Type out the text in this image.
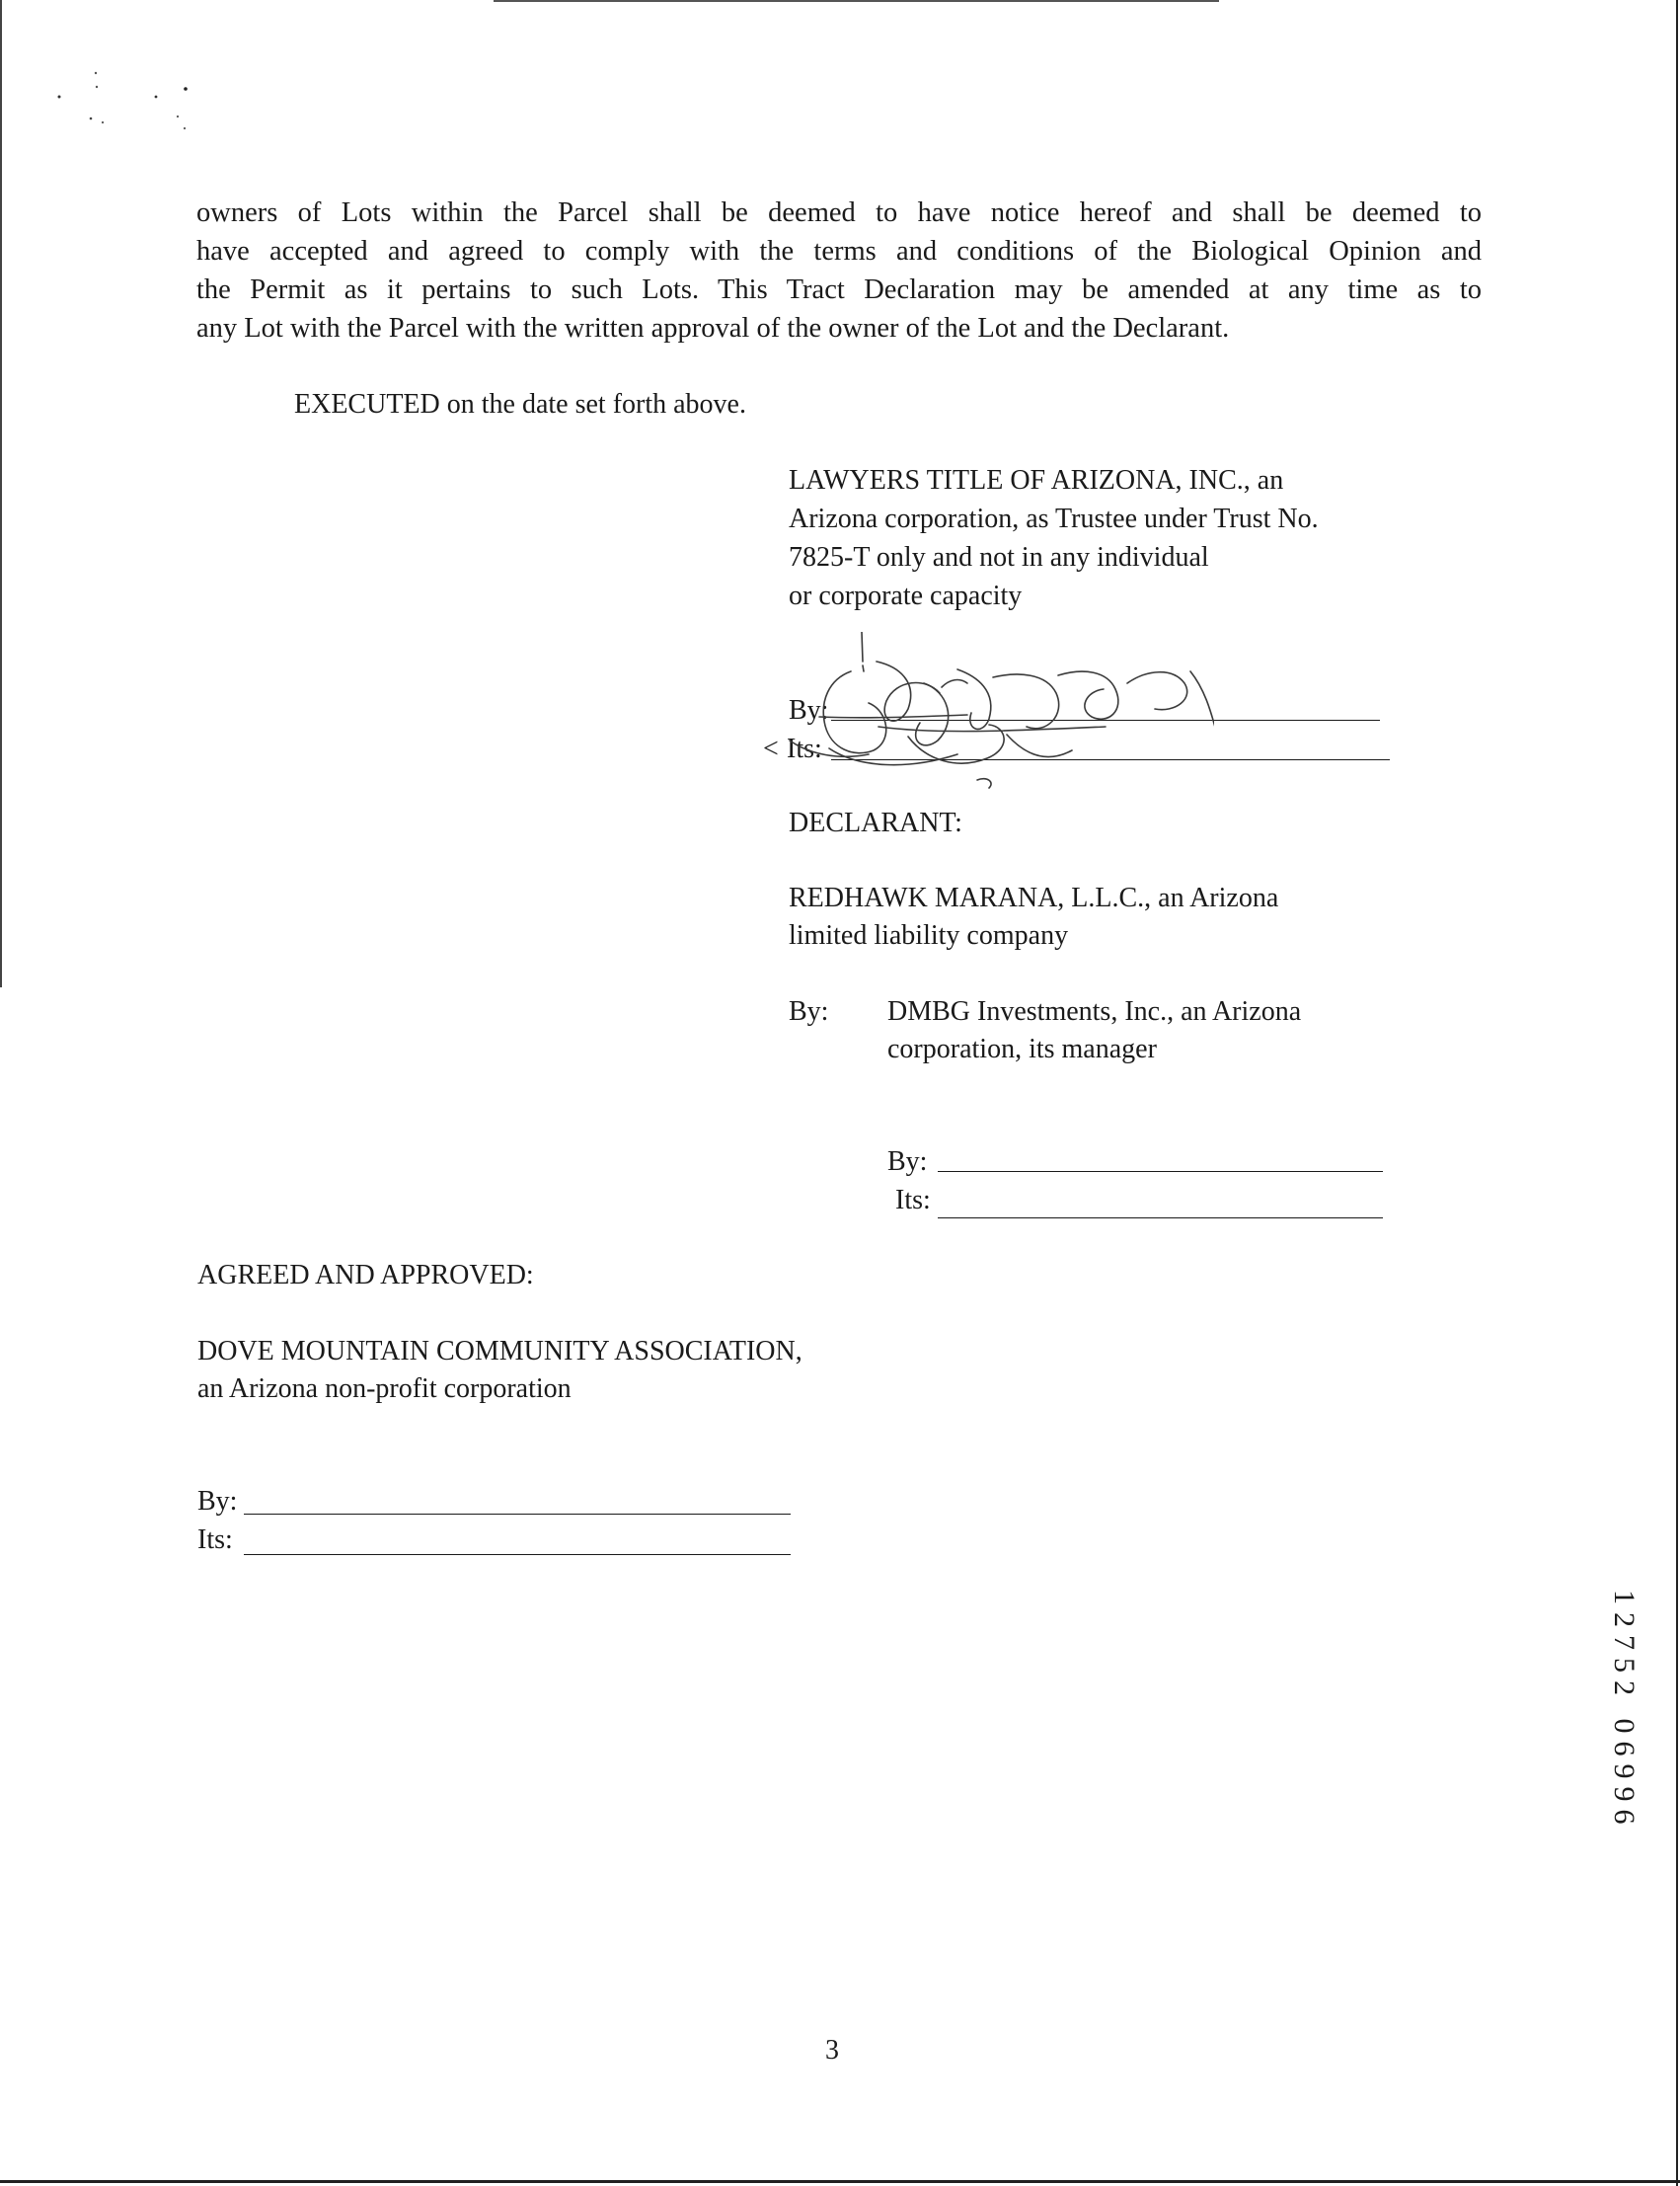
owners of Lots within the Parcel shall be deemed to have notice hereof and shall be deemed to
have accepted and agreed to comply with the terms and conditions of the Biological Opinion and
the Permit as it pertains to such Lots. This Tract Declaration may be amended at any time as to
any Lot with the Parcel with the written approval of the owner of the Lot and the Declarant.
EXECUTED on the date set forth above.
LAWYERS TITLE OF ARIZONA, INC., an
Arizona corporation, as Trustee under Trust No.
7825-T only and not in any individual
or corporate capacity
By:
< Its:
DECLARANT:
REDHAWK MARANA, L.L.C., an Arizona
limited liability company
By: DMBG Investments, Inc., an Arizona
corporation, its manager
By:
Its:
AGREED AND APPROVED:
DOVE MOUNTAIN COMMUNITY ASSOCIATION,
an Arizona non-profit corporation
By:
Its:
12752 06996
3
